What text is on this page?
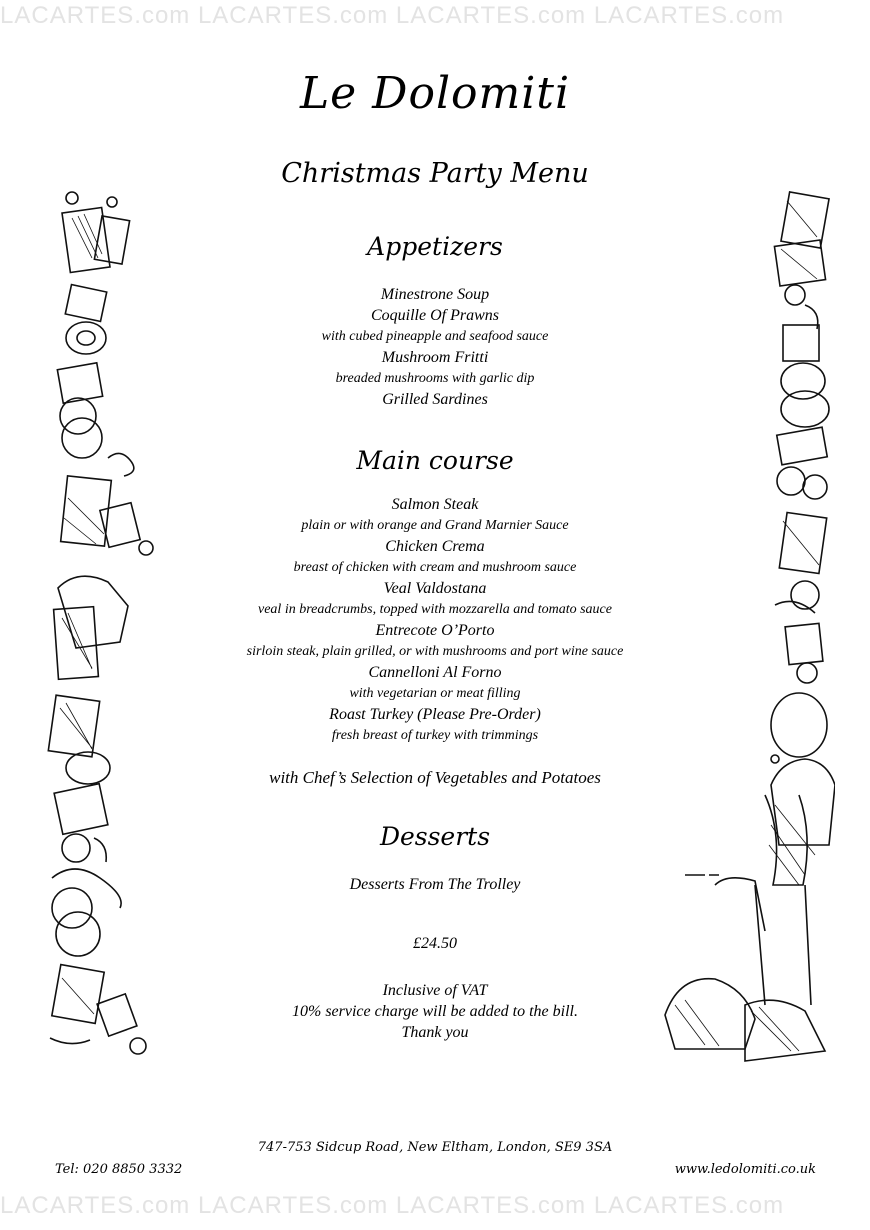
LACARTES.com LACARTES.com LACARTES.com LACARTES.com
Le Dolomiti
Christmas Party Menu
Appetizers
Minestrone Soup
Coquille Of Prawns
with cubed pineapple and seafood sauce
Mushroom Fritti
breaded mushrooms with garlic dip
Grilled Sardines
Main course
Salmon Steak
plain or with orange and Grand Marnier Sauce
Chicken Crema
breast of chicken with cream and mushroom sauce
Veal Valdostana
veal in breadcrumbs, topped with mozzarella and tomato sauce
Entrecote O’Porto
sirloin steak, plain grilled, or with mushrooms and port wine sauce
Cannelloni Al Forno
with vegetarian or meat filling
Roast Turkey (Please Pre-Order)
fresh breast of turkey with trimmings
with Chef’s Selection of Vegetables and Potatoes
Desserts
Desserts From The Trolley
£24.50
Inclusive of VAT
10% service charge will be added to the bill.
Thank you
747-753 Sidcup Road, New Eltham, London, SE9 3SA
Tel: 020 8850 3332	www.ledolomiti.co.uk
LACARTES.com LACARTES.com LACARTES.com LACARTES.com
